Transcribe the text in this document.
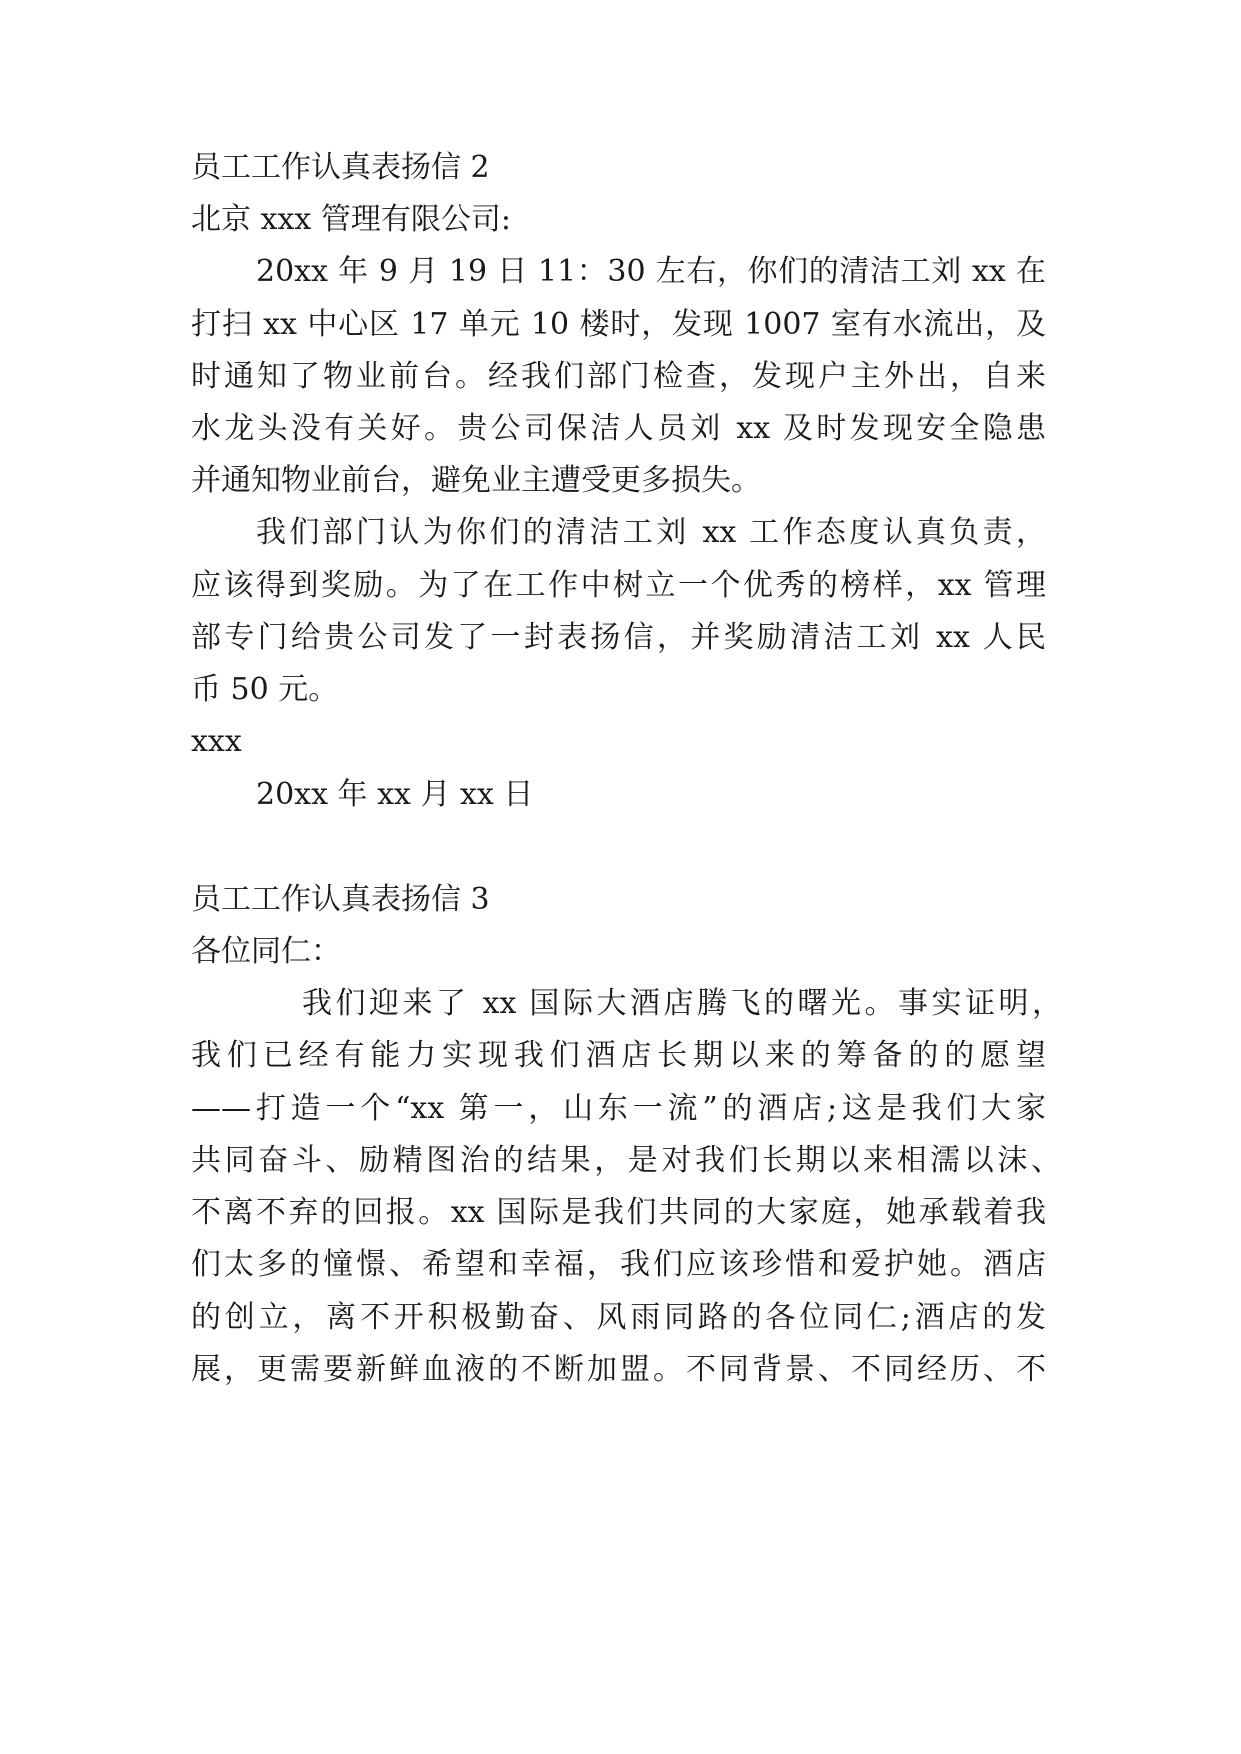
员工工作认真表扬信 2
北京 xxx 管理有限公司:
20xx 年 9 月 19 日 11：30 左右，你们的清洁工刘 xx 在
打扫 xx 中心区 17 单元 10 楼时，发现 1007 室有水流出，及
时通知了物业前台。经我们部门检查，发现户主外出，自来
水龙头没有关好。贵公司保洁人员刘 xx 及时发现安全隐患
并通知物业前台，避免业主遭受更多损失。
我们部门认为你们的清洁工刘 xx 工作态度认真负责，
应该得到奖励。为了在工作中树立一个优秀的榜样，xx 管理
部专门给贵公司发了一封表扬信，并奖励清洁工刘 xx 人民
币 50 元。
xxx
20xx 年 xx 月 xx 日
员工工作认真表扬信 3
各位同仁：
我们迎来了 xx 国际大酒店腾飞的曙光。事实证明，
我们已经有能力实现我们酒店长期以来的筹备的的愿望
——打造一个“xx 第一，山东一流”的酒店;这是我们大家
共同奋斗、励精图治的结果，是对我们长期以来相濡以沫、
不离不弃的回报。xx 国际是我们共同的大家庭，她承载着我
们太多的憧憬、希望和幸福，我们应该珍惜和爱护她。酒店
的创立，离不开积极勤奋、风雨同路的各位同仁;酒店的发
展，更需要新鲜血液的不断加盟。不同背景、不同经历、不
